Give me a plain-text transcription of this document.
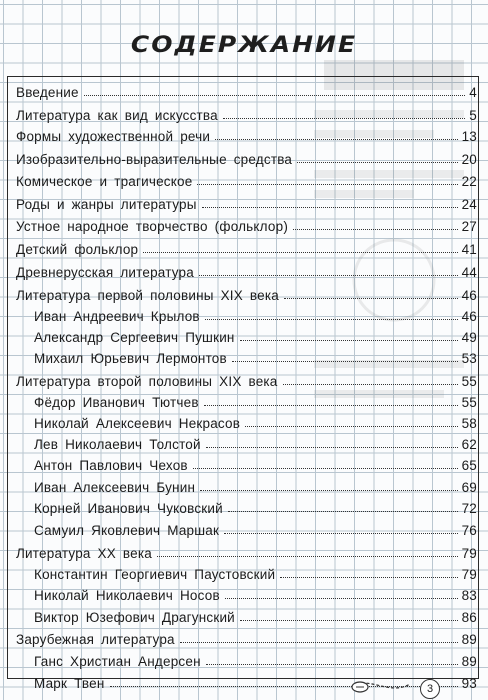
СОДЕРЖАНИЕ
Введение	4
Литература как вид искусства	5
Формы художественной речи	13
Изобразительно-выразительные средства	20
Комическое и трагическое	22
Роды и жанры литературы	24
Устное народное творчество (фольклор)	27
Детский фольклор	41
Древнерусская литература	44
Литература первой половины XIX века	46
Иван Андреевич Крылов	46
Александр Сергеевич Пушкин	49
Михаил Юрьевич Лермонтов	53
Литература второй половины XIX века	55
Фёдор Иванович Тютчев	55
Николай Алексеевич Некрасов	58
Лев Николаевич Толстой	62
Антон Павлович Чехов	65
Иван Алексеевич Бунин	69
Корней Иванович Чуковский	72
Самуил Яковлевич Маршак	76
Литература XX века	79
Константин Георгиевич Паустовский	79
Николай Николаевич Носов	83
Виктор Юзефович Драгунский	86
Зарубежная литература	89
Ганс Христиан Андерсен	89
Марк Твен	93
3
